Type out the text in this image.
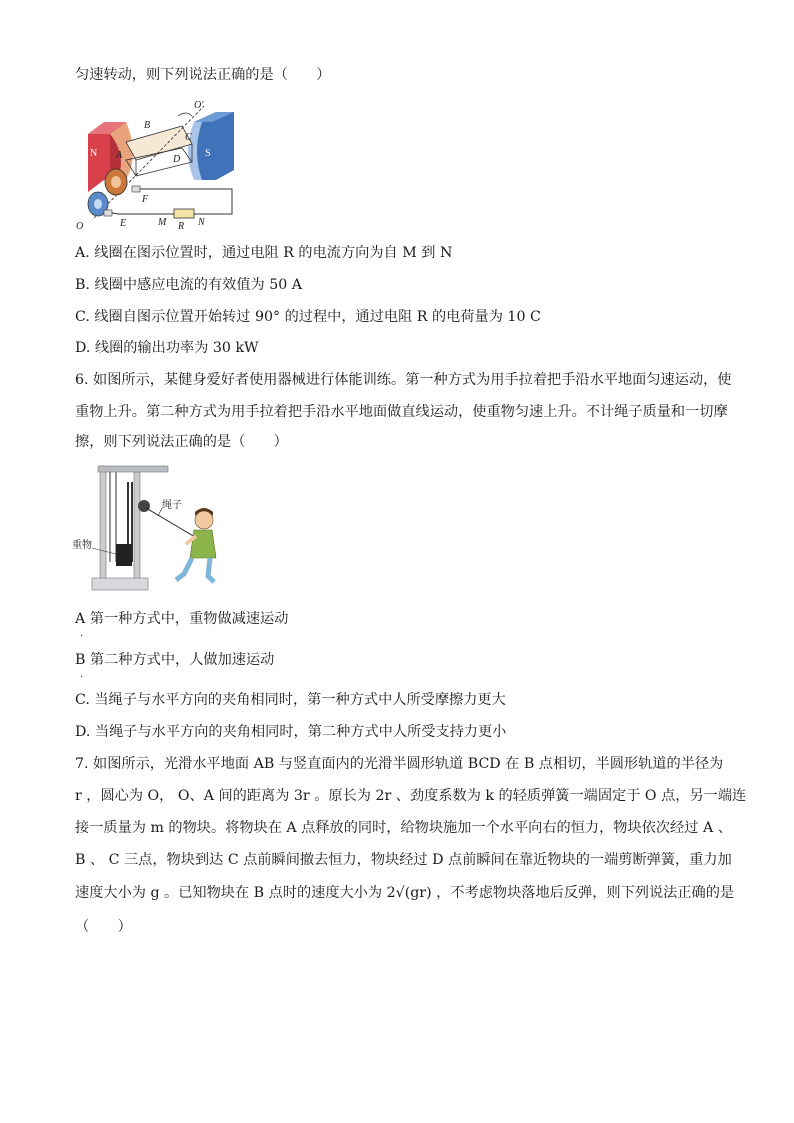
匀速转动，则下列说法正确的是（　　）
N	S
A
B
C
D
O
O'
E
F
M R N
A. 线圈在图示位置时，通过电阻 R 的电流方向为自 M 到 N
B. 线圈中感应电流的有效值为 50 A
C. 线圈自图示位置开始转过 90° 的过程中，通过电阻 R 的电荷量为 10 C
D. 线圈的输出功率为 30 kW
6. 如图所示，某健身爱好者使用器械进行体能训练。第一种方式为用手拉着把手沿水平地面匀速运动，使
重物上升。第二种方式为用手拉着把手沿水平地面做直线运动，使重物匀速上升。不计绳子质量和一切摩
擦，则下列说法正确的是（　　）
绳子
重物
A 第一种方式中，重物做减速运动
.
B 第二种方式中，人做加速运动
.
C. 当绳子与水平方向的夹角相同时，第一种方式中人所受摩擦力更大
D. 当绳子与水平方向的夹角相同时，第二种方式中人所受支持力更小
7. 如图所示，光滑水平地面 AB 与竖直面内的光滑半圆形轨道 BCD 在 B 点相切，半圆形轨道的半径为
r ，圆心为 O， O、A 间的距离为 3r 。原长为 2r 、劲度系数为 k 的轻质弹簧一端固定于 O 点，另一端连
接一质量为 m 的物块。将物块在 A 点释放的同时，给物块施加一个水平向右的恒力，物块依次经过 A 、
B 、 C 三点，物块到达 C 点前瞬间撤去恒力，物块经过 D 点前瞬间在靠近物块的一端剪断弹簧，重力加
速度大小为 g 。已知物块在 B 点时的速度大小为 2√(gr) ，不考虑物块落地后反弹，则下列说法正确的是
（　　）
